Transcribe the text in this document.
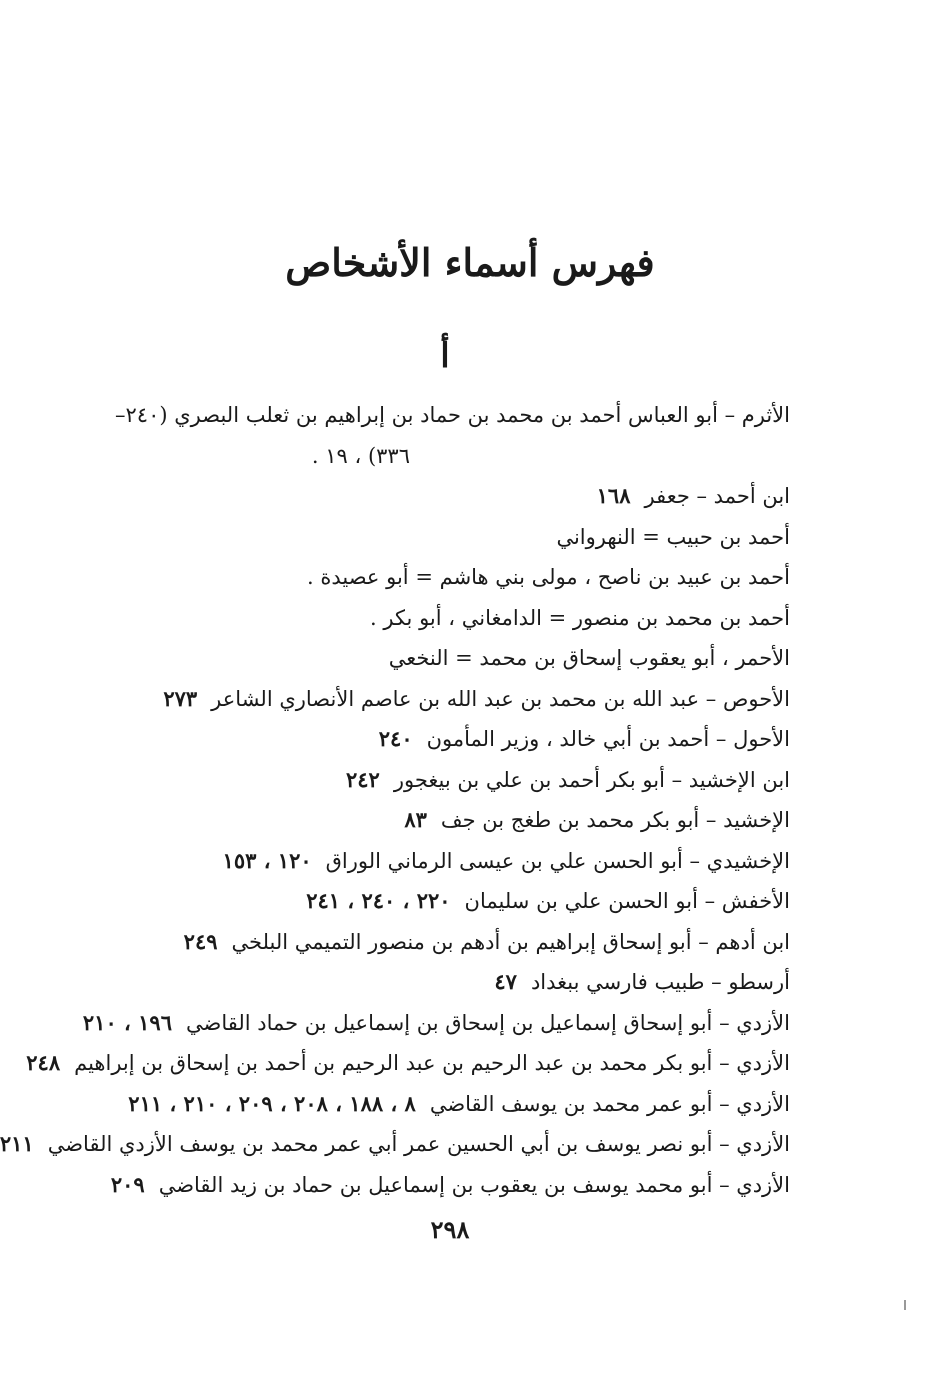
فهرس أسماء الأشخاص
أ
الأثرم – أبو العباس أحمد بن محمد بن حماد بن إبراهيم بن ثعلب البصري (٢٤٠–
٣٣٦) ، ١٩ .
ابن أحمد – جعفر١٦٨
أحمد بن حبيب = النهرواني
أحمد بن عبيد بن ناصح ، مولى بني هاشم = أبو عصيدة .
أحمد بن محمد بن منصور = الدامغاني ، أبو بكر .
الأحمر ، أبو يعقوب إسحاق بن محمد = النخعي
الأحوص – عبد الله بن محمد بن عبد الله بن عاصم الأنصاري الشاعر٢٧٣
الأحول – أحمد بن أبي خالد ، وزير المأمون٢٤٠
ابن الإخشيد – أبو بكر أحمد بن علي بن بيغجور٢٤٢
الإخشيد – أبو بكر محمد بن طغج بن جف٨٣
الإخشيدي – أبو الحسن علي بن عيسى الرماني الوراق١٢٠ ، ١٥٣
الأخفش – أبو الحسن علي بن سليمان٢٢٠ ، ٢٤٠ ، ٢٤١
ابن أدهم – أبو إسحاق إبراهيم بن أدهم بن منصور التميمي البلخي٢٤٩
أرسطو – طبيب فارسي ببغداد٤٧
الأزدي – أبو إسحاق إسماعيل بن إسحاق بن إسماعيل بن حماد القاضي١٩٦ ، ٢١٠
الأزدي – أبو بكر محمد بن عبد الرحيم بن عبد الرحيم بن أحمد بن إسحاق بن إبراهيم٢٤٨
الأزدي – أبو عمر محمد بن يوسف القاضي٨ ، ١٨٨ ، ٢٠٨ ، ٢٠٩ ، ٢١٠ ، ٢١١
الأزدي – أبو نصر يوسف بن أبي الحسين عمر أبي عمر محمد بن يوسف الأزدي القاضي٢١١
الأزدي – أبو محمد يوسف بن يعقوب بن إسماعيل بن حماد بن زيد القاضي٢٠٩
٢٩٨
